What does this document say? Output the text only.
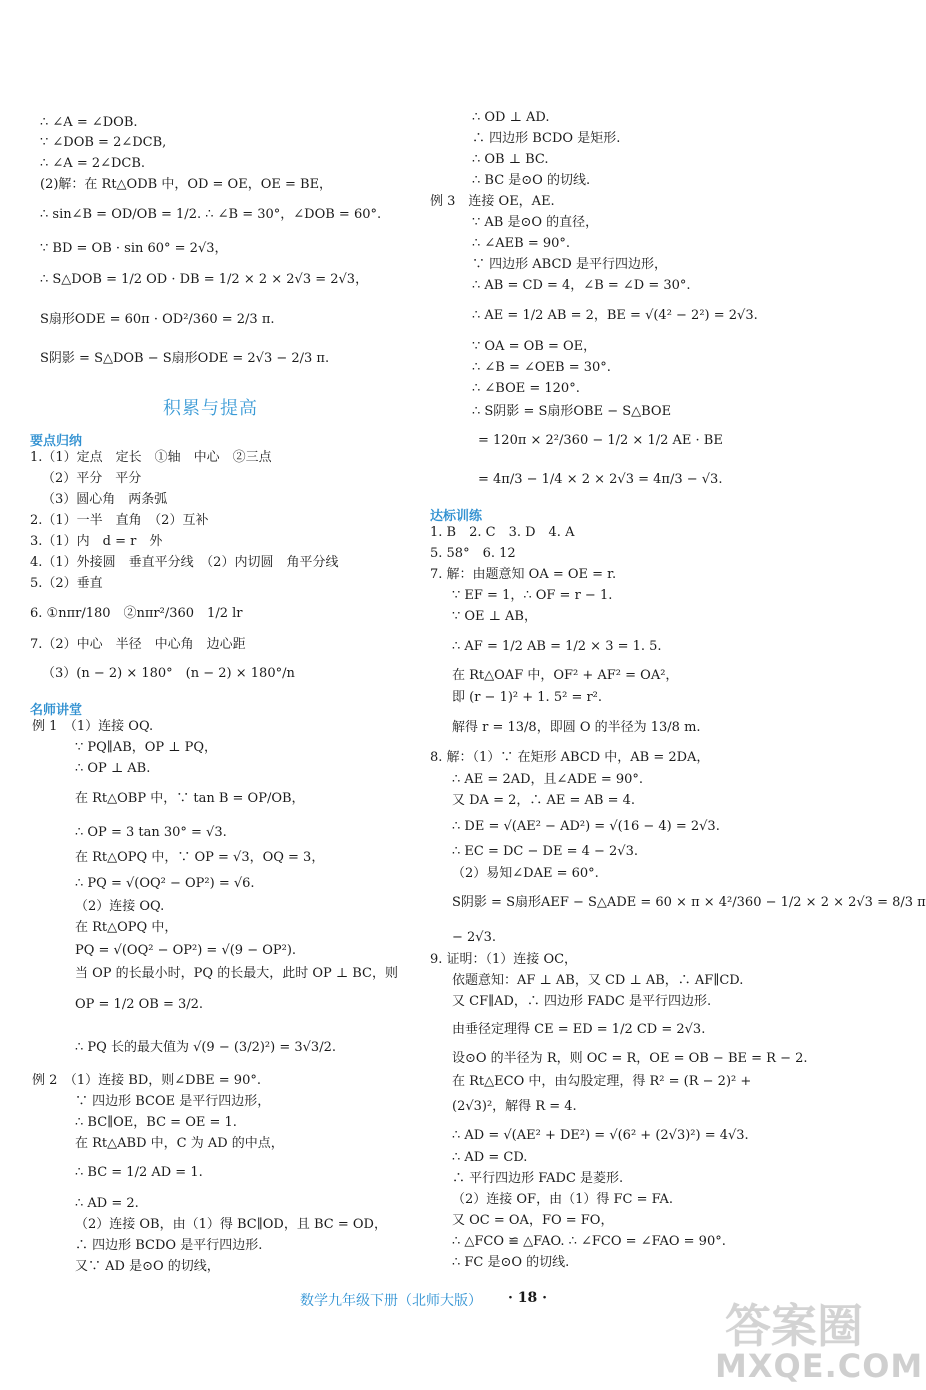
∴ ∠A = ∠DOB.
∵ ∠DOB = 2∠DCB,
∴ ∠A = 2∠DCB.
(2)解：在 Rt△ODB 中，OD = OE，OE = BE，
∴ sin∠B = OD/OB = 1/2. ∴ ∠B = 30°，∠DOB = 60°.
∵ BD = OB · sin 60° = 2√3，
∴ S△DOB = 1/2 OD · DB = 1/2 × 2 × 2√3 = 2√3，
S扇形ODE = 60π · OD²/360 = 2/3 π.
S阴影 = S△DOB − S扇形ODE = 2√3 − 2/3 π.
积累与提高
要点归纳
1.（1）定点　定长　①轴　中心　②三点
（2）平分　平分
（3）圆心角　两条弧
2.（1）一半　直角　（2）互补
3.（1）内　d = r　外
4.（1）外接圆　垂直平分线　（2）内切圆　角平分线
5.（2）垂直
6. ①nπr/180　②nπr²/360　1/2 lr
7.（2）中心　半径　中心角　边心距
（3）(n − 2) × 180°　(n − 2) × 180°/n
名师讲堂
例 1　（1）连接 OQ.
∵ PQ∥AB，OP ⊥ PQ，
∴ OP ⊥ AB.
在 Rt△OBP 中，∵ tan B = OP/OB，
∴ OP = 3 tan 30° = √3.
在 Rt△OPQ 中，∵ OP = √3，OQ = 3，
∴ PQ = √(OQ² − OP²) = √6.
（2）连接 OQ.
在 Rt△OPQ 中，
PQ = √(OQ² − OP²) = √(9 − OP²).
当 OP 的长最小时，PQ 的长最大，此时 OP ⊥ BC，则
OP = 1/2 OB = 3/2.
∴ PQ 长的最大值为 √(9 − (3/2)²) = 3√3/2.
例 2　（1）连接 BD，则∠DBE = 90°.
∵ 四边形 BCOE 是平行四边形，
∴ BC∥OE，BC = OE = 1.
在 Rt△ABD 中，C 为 AD 的中点，
∴ BC = 1/2 AD = 1.
∴ AD = 2.
（2）连接 OB，由（1）得 BC∥OD，且 BC = OD，
∴ 四边形 BCDO 是平行四边形.
又∵ AD 是⊙O 的切线，
∴ OD ⊥ AD.
∴ 四边形 BCDO 是矩形.
∴ OB ⊥ BC.
∴ BC 是⊙O 的切线.
例 3　连接 OE，AE.
∵ AB 是⊙O 的直径，
∴ ∠AEB = 90°.
∵ 四边形 ABCD 是平行四边形，
∴ AB = CD = 4，∠B = ∠D = 30°.
∴ AE = 1/2 AB = 2，BE = √(4² − 2²) = 2√3.
∵ OA = OB = OE，
∴ ∠B = ∠OEB = 30°.
∴ ∠BOE = 120°.
∴ S阴影 = S扇形OBE − S△BOE
= 120π × 2²/360 − 1/2 × 1/2 AE · BE
= 4π/3 − 1/4 × 2 × 2√3 = 4π/3 − √3.
达标训练
1. B　2. C　3. D　4. A
5. 58°　6. 12
7. 解：由题意知 OA = OE = r.
∵ EF = 1，∴ OF = r − 1.
∵ OE ⊥ AB，
∴ AF = 1/2 AB = 1/2 × 3 = 1. 5.
在 Rt△OAF 中，OF² + AF² = OA²，
即 (r − 1)² + 1. 5² = r².
解得 r = 13/8，即圆 O 的半径为 13/8 m.
8. 解：（1）∵ 在矩形 ABCD 中，AB = 2DA，
∴ AE = 2AD，且∠ADE = 90°.
又 DA = 2，∴ AE = AB = 4.
∴ DE = √(AE² − AD²) = √(16 − 4) = 2√3.
∴ EC = DC − DE = 4 − 2√3.
（2）易知∠DAE = 60°.
S阴影 = S扇形AEF − S△ADE = 60 × π × 4²/360 − 1/2 × 2 × 2√3 = 8/3 π
− 2√3.
9. 证明：（1）连接 OC，
依题意知：AF ⊥ AB，又 CD ⊥ AB，∴ AF∥CD.
又 CF∥AD，∴ 四边形 FADC 是平行四边形.
由垂径定理得 CE = ED = 1/2 CD = 2√3.
设⊙O 的半径为 R，则 OC = R，OE = OB − BE = R − 2.
在 Rt△ECO 中，由勾股定理，得 R² = (R − 2)² +
(2√3)²，解得 R = 4.
∴ AD = √(AE² + DE²) = √(6² + (2√3)²) = 4√3.
∴ AD = CD.
∴ 平行四边形 FADC 是菱形.
（2）连接 OF，由（1）得 FC = FA.
又 OC = OA，FO = FO，
∴ △FCO ≌ △FAO. ∴ ∠FCO = ∠FAO = 90°.
∴ FC 是⊙O 的切线.
数学九年级下册（北师大版） · 18 ·
答案圈
MXQE.COM
